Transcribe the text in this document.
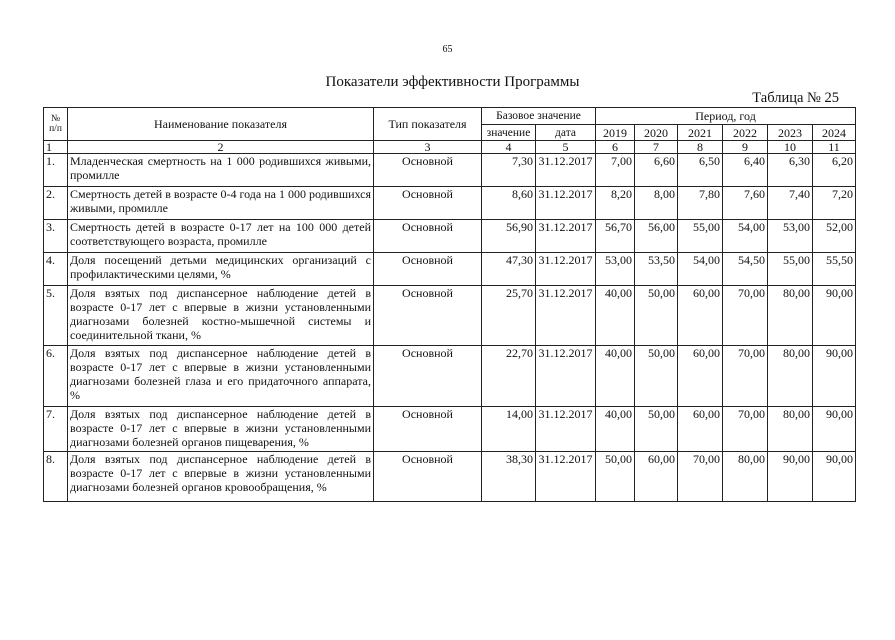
65
Показатели эффективности Программы
Таблица № 25
№ п/п	Наименование показателя	Тип показателя	Базовое значение		Период, год					
			значение	дата	2019	2020	2021	2022	2023	2024
1	2	3	4	5	6	7	8	9	10	11
1.	Младенческая смертность на 1 000 родившихся живыми, промилле	Основной	7,30	31.12.2017	7,00	6,60	6,50	6,40	6,30	6,20
2.	Смертность детей в возрасте 0-4 года на 1 000 родившихся живыми, промилле	Основной	8,60	31.12.2017	8,20	8,00	7,80	7,60	7,40	7,20
3.	Смертность детей в возрасте 0-17 лет на 100 000 детей соответствующего возраста, промилле	Основной	56,90	31.12.2017	56,70	56,00	55,00	54,00	53,00	52,00
4.	Доля посещений детьми медицинских организаций с профилактическими целями, %	Основной	47,30	31.12.2017	53,00	53,50	54,00	54,50	55,00	55,50
5.	Доля взятых под диспансерное наблюдение детей в возрасте 0-17 лет с впервые в жизни установленными диагнозами болезней костно-мышечной системы и соединительной ткани, %	Основной	25,70	31.12.2017	40,00	50,00	60,00	70,00	80,00	90,00
6.	Доля взятых под диспансерное наблюдение детей в возрасте 0-17 лет с впервые в жизни установленными диагнозами болезней глаза и его придаточного аппарата, %	Основной	22,70	31.12.2017	40,00	50,00	60,00	70,00	80,00	90,00
7.	Доля взятых под диспансерное наблюдение детей в возрасте 0-17 лет с впервые в жизни установленными диагнозами болезней органов пищеварения, %	Основной	14,00	31.12.2017	40,00	50,00	60,00	70,00	80,00	90,00
8.	Доля взятых под диспансерное наблюдение детей в возрасте 0-17 лет с впервые в жизни установленными диагнозами болезней органов кровообращения, %	Основной	38,30	31.12.2017	50,00	60,00	70,00	80,00	90,00	90,00
